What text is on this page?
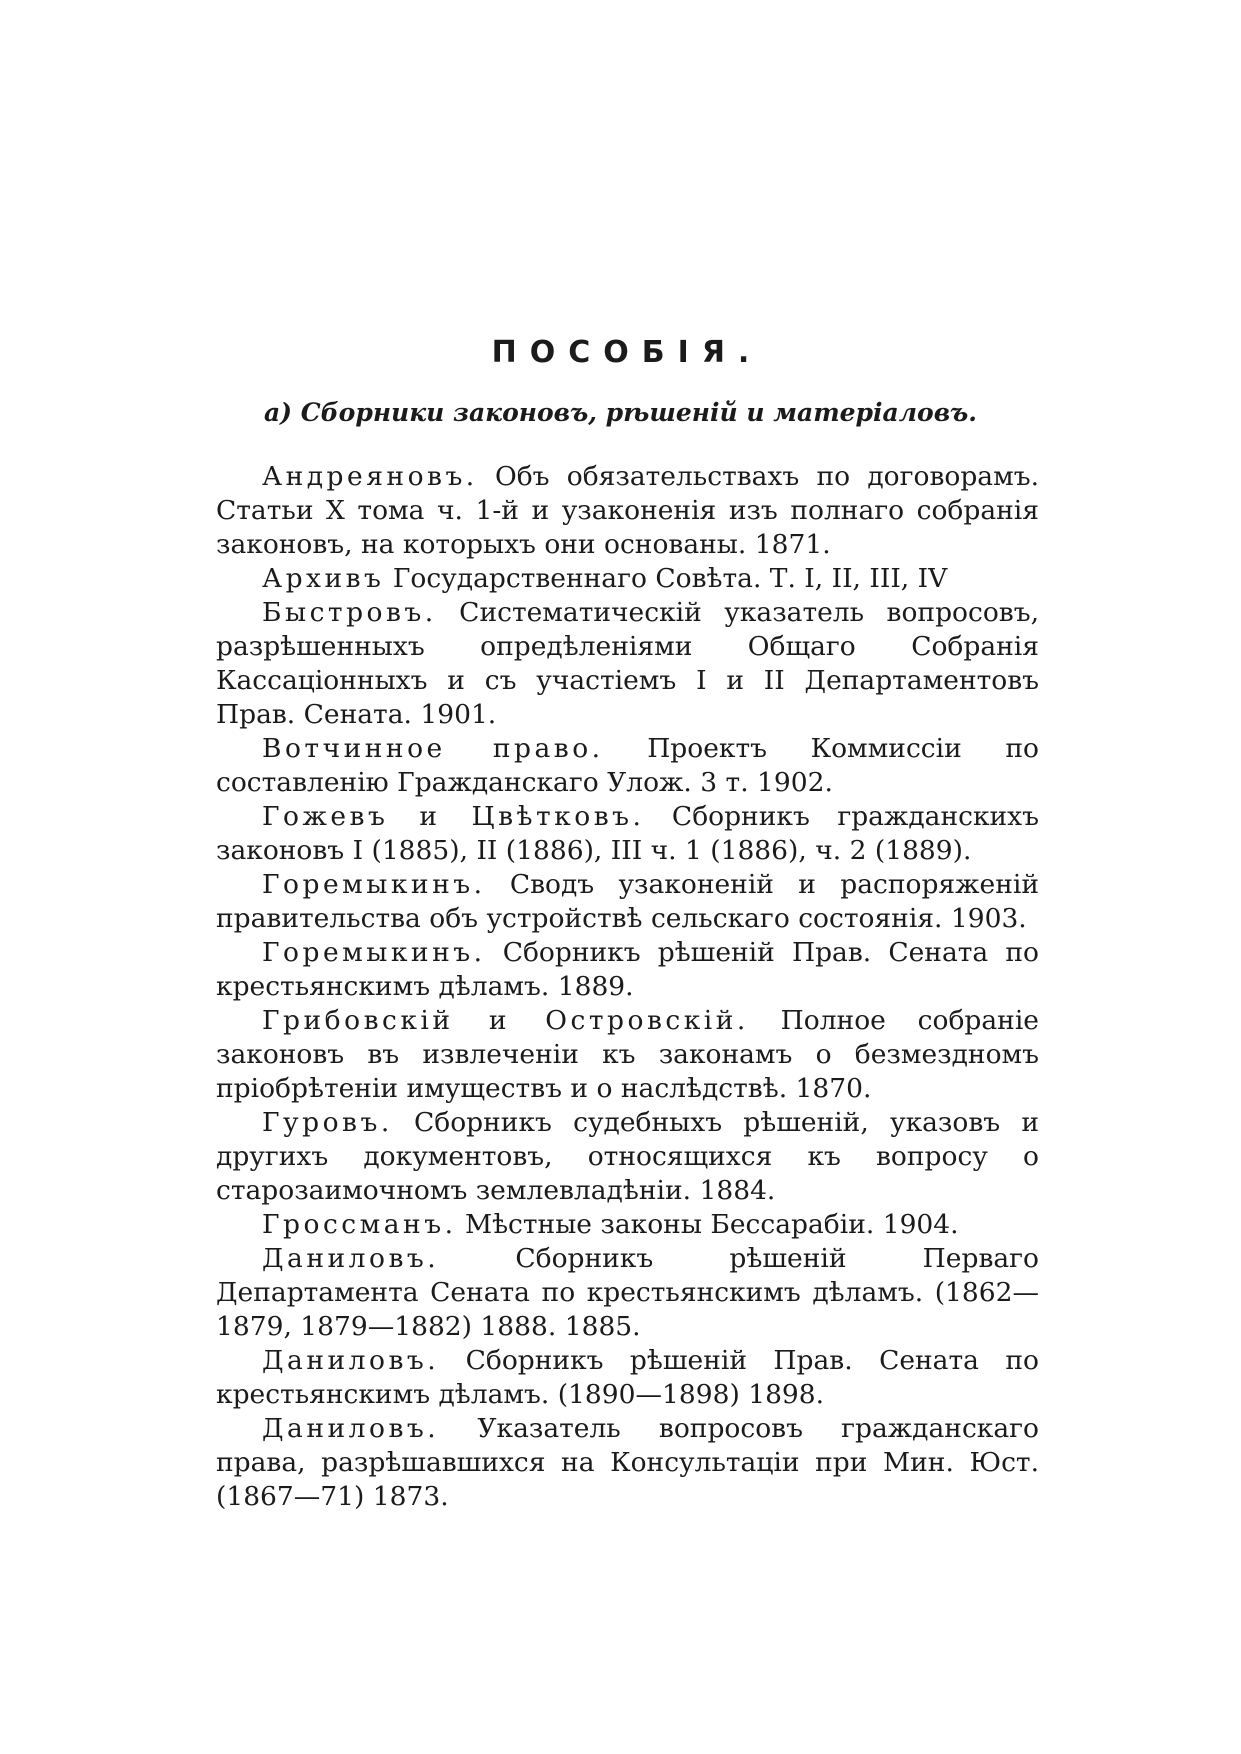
ПОСОБІЯ.
а) Сборники законовъ, рѣшеній и матеріаловъ.
Андреяновъ. Объ обязательствахъ по договорамъ. Статьи X тома ч. 1-й и узаконенія изъ полнаго собранія законовъ, на которыхъ они основаны. 1871.
Архивъ Государственнаго Совѣта. Т. I, II, III, IV
Быстровъ. Систематическій указатель вопросовъ, разрѣшенныхъ опредѣленіями Общаго Собранія Кассаціонныхъ и съ участіемъ I и II Департаментовъ Прав. Сената. 1901.
Вотчинное право. Проектъ Коммиссіи по составленію Гражданскаго Улож. 3 т. 1902.
Гожевъ и Цвѣтковъ. Сборникъ гражданскихъ законовъ I (1885), II (1886), III ч. 1 (1886), ч. 2 (1889).
Горемыкинъ. Сводъ узаконеній и распоряженій правительства объ устройствѣ сельскаго состоянія. 1903.
Горемыкинъ. Сборникъ рѣшеній Прав. Сената по крестьянскимъ дѣламъ. 1889.
Грибовскій и Островскій. Полное собраніе законовъ въ извлеченіи къ законамъ о безмездномъ пріобрѣтеніи имуществъ и о наслѣдствѣ. 1870.
Гуровъ. Сборникъ судебныхъ рѣшеній, указовъ и другихъ документовъ, относящихся къ вопросу о старозаимочномъ землевладѣніи. 1884.
Гроссманъ. Мѣстные законы Бессарабіи. 1904.
Даниловъ. Сборникъ рѣшеній Перваго Департамента Сената по крестьянскимъ дѣламъ. (1862—1879, 1879—1882) 1888. 1885.
Даниловъ. Сборникъ рѣшеній Прав. Сената по крестьянскимъ дѣламъ. (1890—1898) 1898.
Даниловъ. Указатель вопросовъ гражданскаго права, разрѣшавшихся на Консультаціи при Мин. Юст. (1867—71) 1873.
